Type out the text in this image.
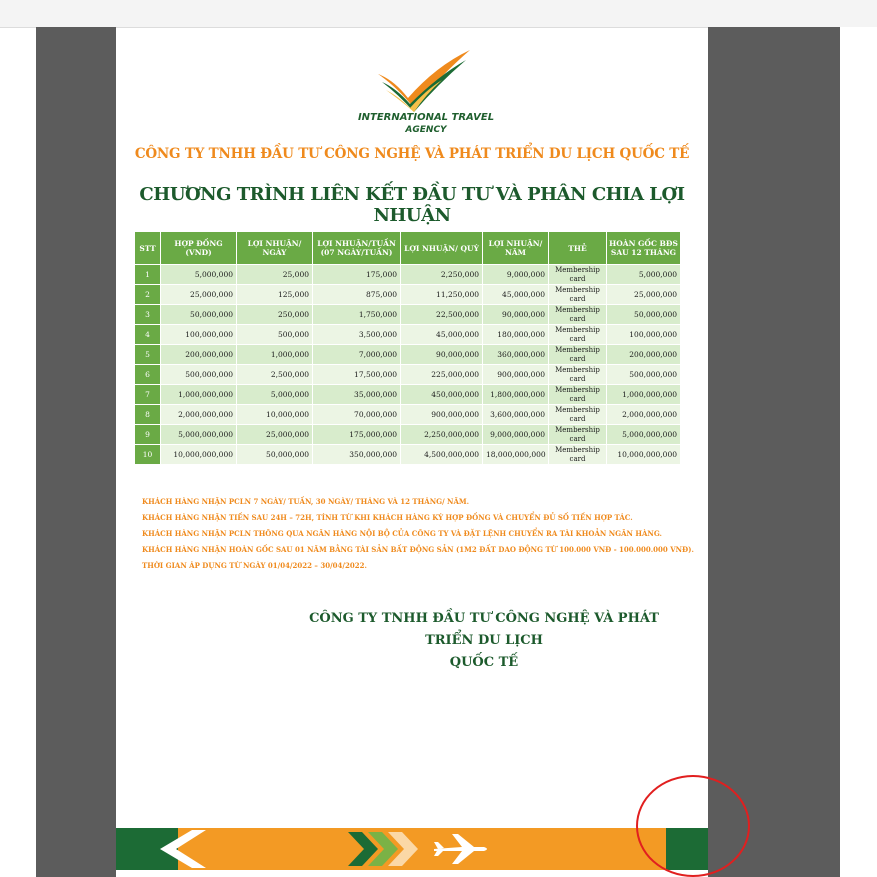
INTERNATIONAL TRAVEL
AGENCY
CÔNG TY TNHH ĐẦU TƯ CÔNG NGHỆ VÀ PHÁT TRIỂN DU LỊCH QUỐC TẾ
CHƯƠNG TRÌNH LIÊN KẾT ĐẦU TƯ VÀ PHÂN CHIA LỢI NHUẬN
STT	HỢP ĐỒNG (VND)	LỢI NHUẬN/ NGÀY	LỢI NHUẬN/TUẦN (07 NGÀY/TUẦN)	LỢI NHUẬN/ QUÝ	LỢI NHUẬN/ NĂM	THẺ	HOÀN GỐC BĐS SAU 12 THÁNG
1	5,000,000	25,000	175,000	2,250,000	9,000,000	Membership card	5,000,000
2	25,000,000	125,000	875,000	11,250,000	45,000,000	Membership card	25,000,000
3	50,000,000	250,000	1,750,000	22,500,000	90,000,000	Membership card	50,000,000
4	100,000,000	500,000	3,500,000	45,000,000	180,000,000	Membership card	100,000,000
5	200,000,000	1,000,000	7,000,000	90,000,000	360,000,000	Membership card	200,000,000
6	500,000,000	2,500,000	17,500,000	225,000,000	900,000,000	Membership card	500,000,000
7	1,000,000,000	5,000,000	35,000,000	450,000,000	1,800,000,000	Membership card	1,000,000,000
8	2,000,000,000	10,000,000	70,000,000	900,000,000	3,600,000,000	Membership card	2,000,000,000
9	5,000,000,000	25,000,000	175,000,000	2,250,000,000	9,000,000,000	Membership card	5,000,000,000
10	10,000,000,000	50,000,000	350,000,000	4,500,000,000	18,000,000,000	Membership card	10,000,000,000
KHÁCH HÀNG NHẬN PCLN 7 NGÀY/ TUẦN, 30 NGÀY/ THÁNG VÀ 12 THÁNG/ NĂM.
KHÁCH HÀNG NHẬN TIỀN SAU 24H – 72H, TÍNH TỪ KHI KHÁCH HÀNG KÝ HỢP ĐỒNG VÀ CHUYỂN ĐỦ SỐ TIỀN HỢP TÁC.
KHÁCH HÀNG NHẬN PCLN THÔNG QUA NGÂN HÀNG NỘI BỘ CỦA CÔNG TY VÀ ĐẶT LỆNH CHUYỂN RA TÀI KHOẢN NGÂN HÀNG.
KHÁCH HÀNG NHẬN HOÀN GỐC SAU 01 NĂM BẰNG TÀI SẢN BẤT ĐỘNG SẢN (1M2 ĐẤT DAO ĐỘNG TỪ 100.000 VNĐ - 100.000.000 VNĐ).
THỜI GIAN ÁP DỤNG TỪ NGÀY 01/04/2022 – 30/04/2022.
CÔNG TY TNHH ĐẦU TƯ CÔNG NGHỆ VÀ PHÁT TRIỂN DU LỊCH
QUỐC TẾ
